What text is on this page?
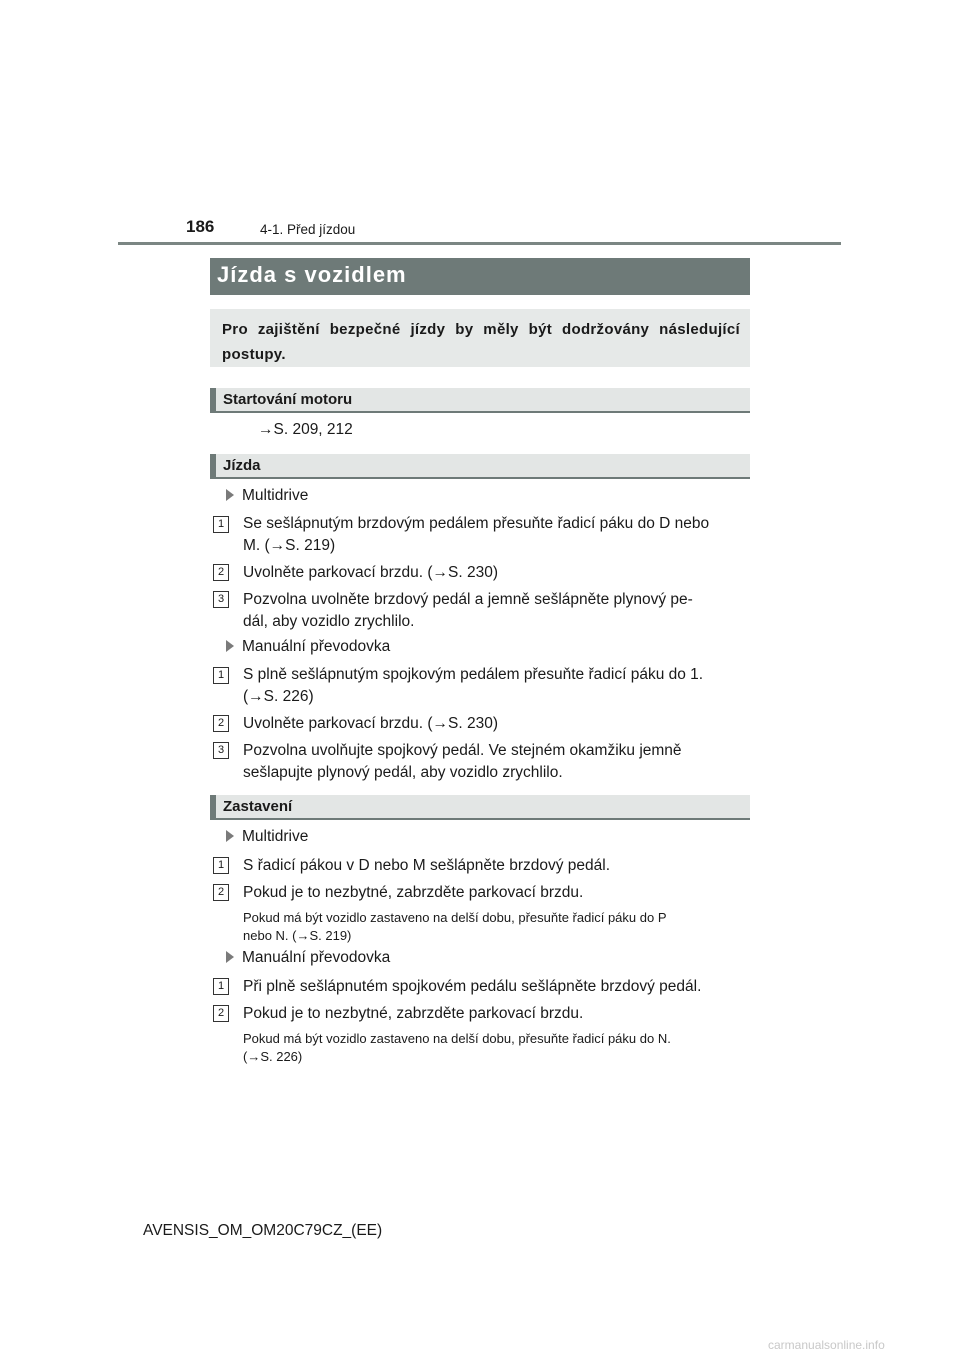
186	4-1. Před jízdou
Jízda s vozidlem
Pro zajištění bezpečné jízdy by měly být dodržovány následující postupy.
Startování motoru
→S. 209, 212
Jízda
Multidrive
1	Se sešlápnutým brzdovým pedálem přesuňte řadicí páku do D nebo
M. (→S. 219)
2	Uvolněte parkovací brzdu. (→S. 230)
3	Pozvolna uvolněte brzdový pedál a jemně sešlápněte plynový pe-
dál, aby vozidlo zrychlilo.
Manuální převodovka
1	S plně sešlápnutým spojkovým pedálem přesuňte řadicí páku do 1.
(→S. 226)
2	Uvolněte parkovací brzdu. (→S. 230)
3	Pozvolna uvolňujte spojkový pedál. Ve stejném okamžiku jemně
sešlapujte plynový pedál, aby vozidlo zrychlilo.
Zastavení
Multidrive
1	S řadicí pákou v D nebo M sešlápněte brzdový pedál.
2	Pokud je to nezbytné, zabrzděte parkovací brzdu.
Pokud má být vozidlo zastaveno na delší dobu, přesuňte řadicí páku do P
nebo N. (→S. 219)
Manuální převodovka
1	Při plně sešlápnutém spojkovém pedálu sešlápněte brzdový pedál.
2	Pokud je to nezbytné, zabrzděte parkovací brzdu.
Pokud má být vozidlo zastaveno na delší dobu, přesuňte řadicí páku do N.
(→S. 226)
AVENSIS_OM_OM20C79CZ_(EE)
carmanualsonline.info
